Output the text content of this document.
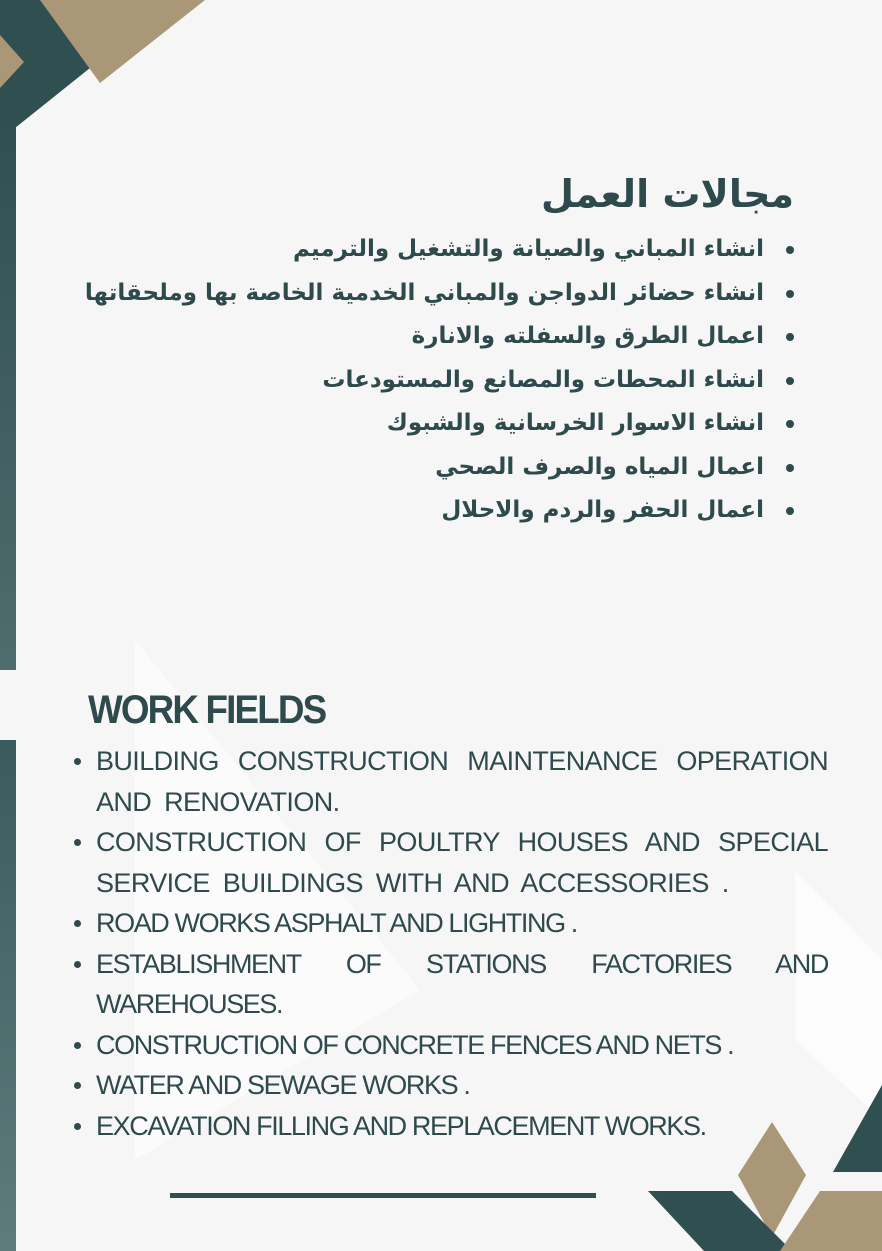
مجالات العمل
انشاء المباني والصيانة والتشغيل والترميم
انشاء حضائر الدواجن والمباني الخدمية الخاصة بها وملحقاتها
اعمال الطرق والسفلته والانارة
انشاء المحطات والمصانع والمستودعات
انشاء الاسوار الخرسانية والشبوك
اعمال المياه والصرف الصحي
اعمال الحفر والردم والاحلال
WORK FIELDS
BUILDING CONSTRUCTION MAINTENANCE OPERATION AND RENOVATION.
CONSTRUCTION OF POULTRY HOUSES AND SPECIAL SERVICE BUILDINGS WITH AND ACCESSORIES .
ROAD WORKS ASPHALT AND LIGHTING .
ESTABLISHMENT OF STATIONS FACTORIES AND WAREHOUSES.
CONSTRUCTION OF CONCRETE FENCES AND NETS .
WATER AND SEWAGE WORKS .
EXCAVATION FILLING AND REPLACEMENT WORKS.
